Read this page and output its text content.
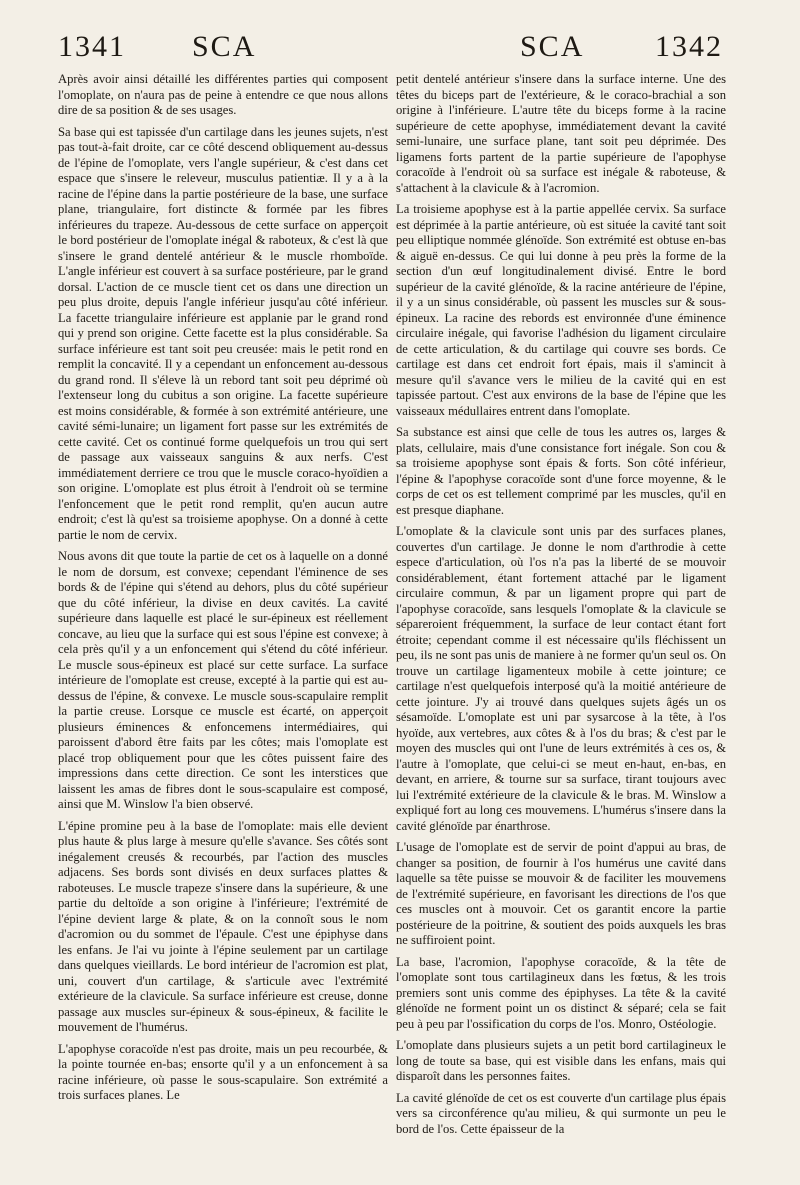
1341 SCA	SCA 1342

Après avoir ainsi détaillé les différentes parties qui composent l'omoplate, on n'aura pas de peine à entendre ce que nous allons dire de sa position & de ses usages.

Sa base qui est tapissée d'un cartilage dans les jeunes sujets, n'est pas tout-à-fait droite, car ce côté descend obliquement au-dessus de l'épine de l'omoplate, vers l'angle supérieur, & c'est dans cet espace que s'insere le releveur, musculus patientiæ. Il y a à la racine de l'épine dans la partie postérieure de la base, une surface plane, triangulaire, fort distincte & formée par les fibres inférieures du trapeze. Au-dessous de cette surface on apperçoit le bord postérieur de l'omoplate inégal & raboteux, & c'est là que s'insere le grand dentelé antérieur & le muscle rhomboïde. L'angle inférieur est couvert à sa surface postérieure, par le grand dorsal. L'action de ce muscle tient cet os dans une direction un peu plus droite, depuis l'angle inférieur jusqu'au côté inférieur. La facette triangulaire inférieure est applanie par le grand rond qui y prend son origine. Cette facette est la plus considérable. Sa surface inférieure est tant soit peu creusée: mais le petit rond en remplit la concavité. Il y a cependant un enfoncement au-dessous du grand rond. Il s'éleve là un rebord tant soit peu déprimé où l'extenseur long du cubitus a son origine. La facette supérieure est moins considérable, & formée à son extrémité antérieure, une cavité sémi-lunaire; un ligament fort passe sur les extrémités de cette cavité. Cet os continué forme quelquefois un trou qui sert de passage aux vaisseaux sanguins & aux nerfs. C'est immédiatement derriere ce trou que le muscle coraco-hyoïdien a son origine. L'omoplate est plus étroit à l'endroit où se termine l'enfoncement que le petit rond remplit, qu'en aucun autre endroit; c'est là qu'est sa troisieme apophyse. On a donné à cette partie le nom de cervix.

Nous avons dit que toute la partie de cet os à laquelle on a donné le nom de dorsum, est convexe; cependant l'éminence de ses bords & de l'épine qui s'étend au dehors, plus du côté supérieur que du côté inférieur, la divise en deux cavités. La cavité supérieure dans laquelle est placé le sur-épineux est réellement concave, au lieu que la surface qui est sous l'épine est convexe; à cela près qu'il y a un enfoncement qui s'étend du côté inférieur. Le muscle sous-épineux est placé sur cette surface. La surface intérieure de l'omoplate est creuse, excepté à la partie qui est au-dessus de l'épine, & convexe. Le muscle sous-scapulaire remplit la partie creuse. Lorsque ce muscle est écarté, on apperçoit plusieurs éminences & enfoncemens intermédiaires, qui paroissent d'abord être faits par les côtes; mais l'omoplate est placé trop obliquement pour que les côtes puissent faire des impressions dans cette direction. Ce sont les interstices que laissent les amas de fibres dont le sous-scapulaire est composé, ainsi que M. Winslow l'a bien observé.

L'épine promine peu à la base de l'omoplate: mais elle devient plus haute & plus large à mesure qu'elle s'avance. Ses côtés sont inégalement creusés & recourbés, par l'action des muscles adjacens. Ses bords sont divisés en deux surfaces plattes & raboteuses. Le muscle trapeze s'insere dans la supérieure, & une partie du deltoïde a son origine à l'inférieure; l'extrémité de l'épine devient large & plate, & on la connoît sous le nom d'acromion ou du sommet de l'épaule. C'est une épiphyse dans les enfans. Je l'ai vu jointe à l'épine seulement par un cartilage dans quelques vieillards. Le bord intérieur de l'acromion est plat, uni, couvert d'un cartilage, & s'articule avec l'extrémité extérieure de la clavicule. Sa surface inférieure est creuse, donne passage aux muscles sur-épineux & sous-épineux, & facilite le mouvement de l'humérus.

L'apophyse coracoïde n'est pas droite, mais un peu recourbée, & la pointe tournée en-bas; ensorte qu'il y a un enfoncement à sa racine inférieure, où passe le sous-scapulaire. Son extrémité a trois surfaces planes. Le

petit dentelé antérieur s'insere dans la surface interne. Une des têtes du biceps part de l'extérieure, & le coraco-brachial a son origine à l'inférieure. L'autre tête du biceps forme à la racine supérieure de cette apophyse, immédiatement devant la cavité semi-lunaire, une surface plane, tant soit peu déprimée. Des ligamens forts partent de la partie supérieure de l'apophyse coracoïde à l'endroit où sa surface est inégale & raboteuse, & s'attachent à la clavicule & à l'acromion.

La troisieme apophyse est à la partie appellée cervix. Sa surface est déprimée à la partie antérieure, où est située la cavité tant soit peu elliptique nommée glénoïde. Son extrémité est obtuse en-bas & aiguë en-dessus. Ce qui lui donne à peu près la forme de la section d'un œuf longitudinalement divisé. Entre le bord supérieur de la cavité glénoïde, & la racine antérieure de l'épine, il y a un sinus considérable, où passent les muscles sur & sous-épineux. La racine des rebords est environnée d'une éminence circulaire inégale, qui favorise l'adhésion du ligament circulaire de cette articulation, & du cartilage qui couvre ses bords. Ce cartilage est dans cet endroit fort épais, mais il s'amincit à mesure qu'il s'avance vers le milieu de la cavité qui en est tapissée partout. C'est aux environs de la base de l'épine que les vaisseaux médullaires entrent dans l'omoplate.

Sa substance est ainsi que celle de tous les autres os, larges & plats, cellulaire, mais d'une consistance fort inégale. Son cou & sa troisieme apophyse sont épais & forts. Son côté inférieur, l'épine & l'apophyse coracoïde sont d'une force moyenne, & le corps de cet os est tellement comprimé par les muscles, qu'il en est presque diaphane.

L'omoplate & la clavicule sont unis par des surfaces planes, couvertes d'un cartilage. Je donne le nom d'arthrodie à cette espece d'articulation, où l'os n'a pas la liberté de se mouvoir considérablement, étant fortement attaché par le ligament circulaire commun, & par un ligament propre qui part de l'apophyse coracoïde, sans lesquels l'omoplate & la clavicule se sépareroient fréquemment, la surface de leur contact étant fort étroite; cependant comme il est nécessaire qu'ils fléchissent un peu, ils ne sont pas unis de maniere à ne former qu'un seul os. On trouve un cartilage ligamenteux mobile à cette jointure; ce cartilage n'est quelquefois interposé qu'à la moitié antérieure de cette jointure. J'y ai trouvé dans quelques sujets âgés un os sésamoïde. L'omoplate est uni par sysarcose à la tête, à l'os hyoïde, aux vertebres, aux côtes & à l'os du bras; & c'est par le moyen des muscles qui ont l'une de leurs extrémités à ces os, & l'autre à l'omoplate, que celui-ci se meut en-haut, en-bas, en devant, en arriere, & tourne sur sa surface, tirant toujours avec lui l'extrémité extérieure de la clavicule & le bras. M. Winslow a expliqué fort au long ces mouvemens. L'humérus s'insere dans la cavité glénoïde par énarthrose.

L'usage de l'omoplate est de servir de point d'appui au bras, de changer sa position, de fournir à l'os humérus une cavité dans laquelle sa tête puisse se mouvoir & de faciliter les mouvemens de l'extrémité supérieure, en favorisant les directions de l'os que ces muscles ont à mouvoir. Cet os garantit encore la partie postérieure de la poitrine, & soutient des poids auxquels les bras ne suffiroient point.

La base, l'acromion, l'apophyse coracoïde, & la tête de l'omoplate sont tous cartilagineux dans les fœtus, & les trois premiers sont unis comme des épiphyses. La tête & la cavité glénoïde ne forment point un os distinct & séparé; cela se fait peu à peu par l'ossification du corps de l'os. Monro, Ostéologie.

L'omoplate dans plusieurs sujets a un petit bord cartilagineux le long de toute sa base, qui est visible dans les enfans, mais qui disparoît dans les personnes faites.

La cavité glénoïde de cet os est couverte d'un cartilage plus épais vers sa circonférence qu'au milieu, & qui surmonte un peu le bord de l'os. Cette épaisseur de la
